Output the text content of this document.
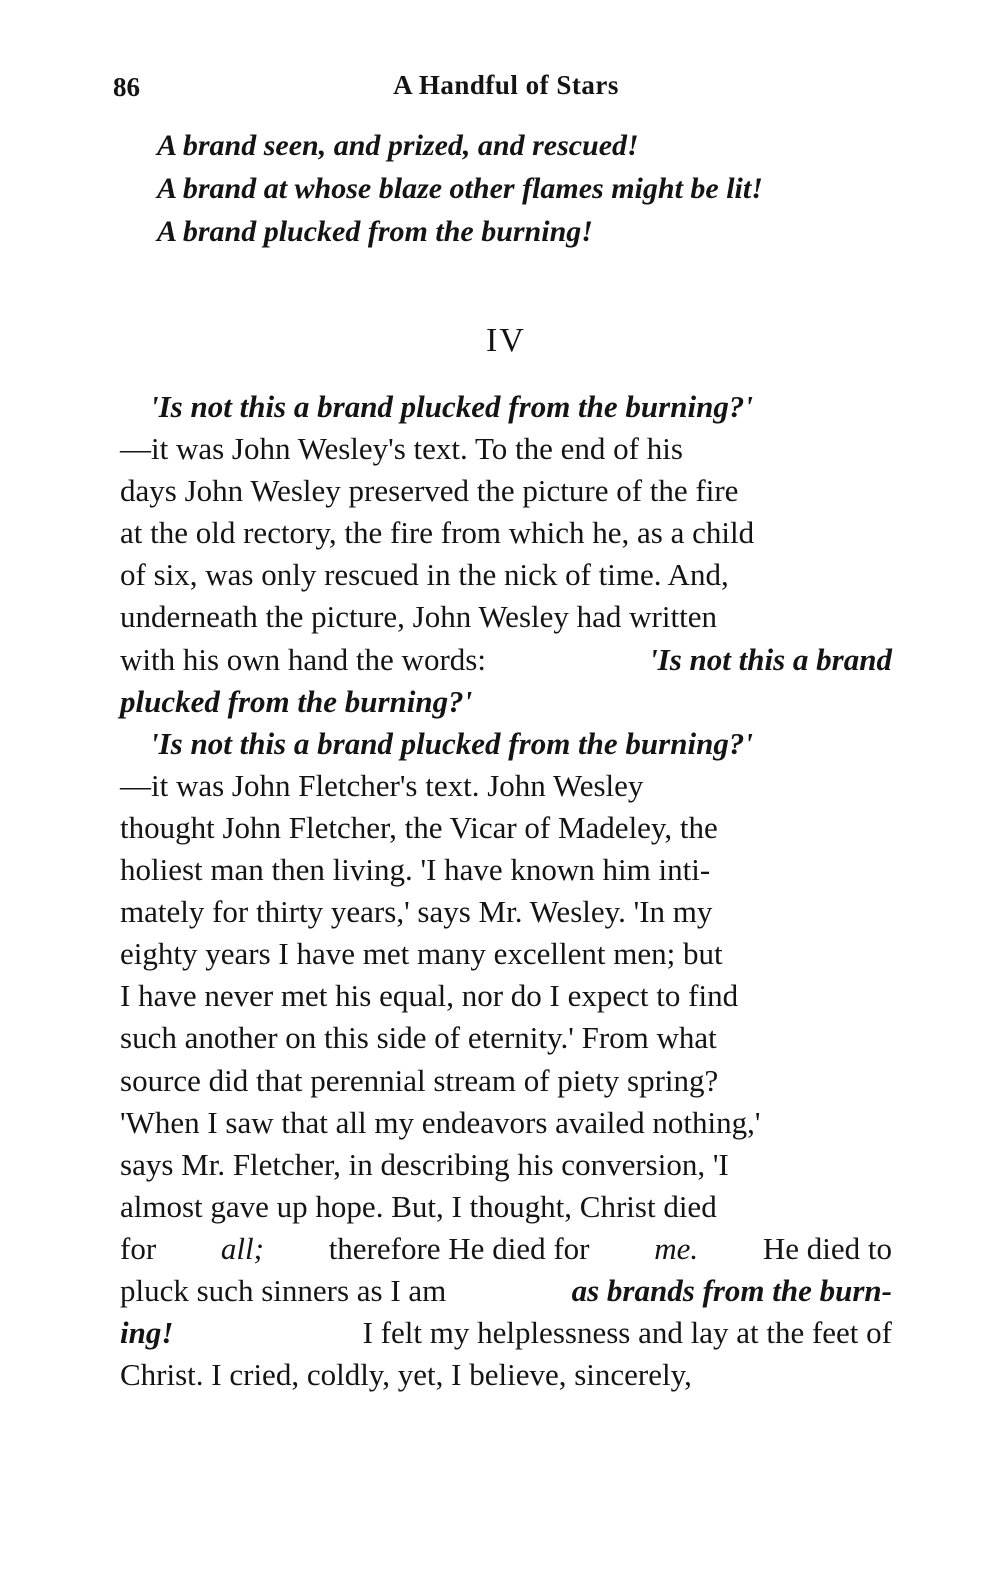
86	A Handful of Stars
A brand seen, and prized, and rescued!
A brand at whose blaze other flames might be lit!
A brand plucked from the burning!
IV
'Is not this a brand plucked from the burning?'
—it was John Wesley's text. To the end of his
days John Wesley preserved the picture of the fire
at the old rectory, the fire from which he, as a child
of six, was only rescued in the nick of time. And,
underneath the picture, John Wesley had written
with his own hand the words:	'Is not this a brand
plucked from the burning?'
'Is not this a brand plucked from the burning?'
—it was John Fletcher's text. John Wesley
thought John Fletcher, the Vicar of Madeley, the
holiest man then living. 'I have known him inti-
mately for thirty years,' says Mr. Wesley. 'In my
eighty years I have met many excellent men; but
I have never met his equal, nor do I expect to find
such another on this side of eternity.' From what
source did that perennial stream of piety spring?
'When I saw that all my endeavors availed nothing,'
says Mr. Fletcher, in describing his conversion, 'I
almost gave up hope. But, I thought, Christ died
for all; therefore He died for me. He died to
pluck such sinners as I am	as brands from the burn-
ing!	I felt my helplessness and lay at the feet of
Christ. I cried, coldly, yet, I believe, sincerely,
